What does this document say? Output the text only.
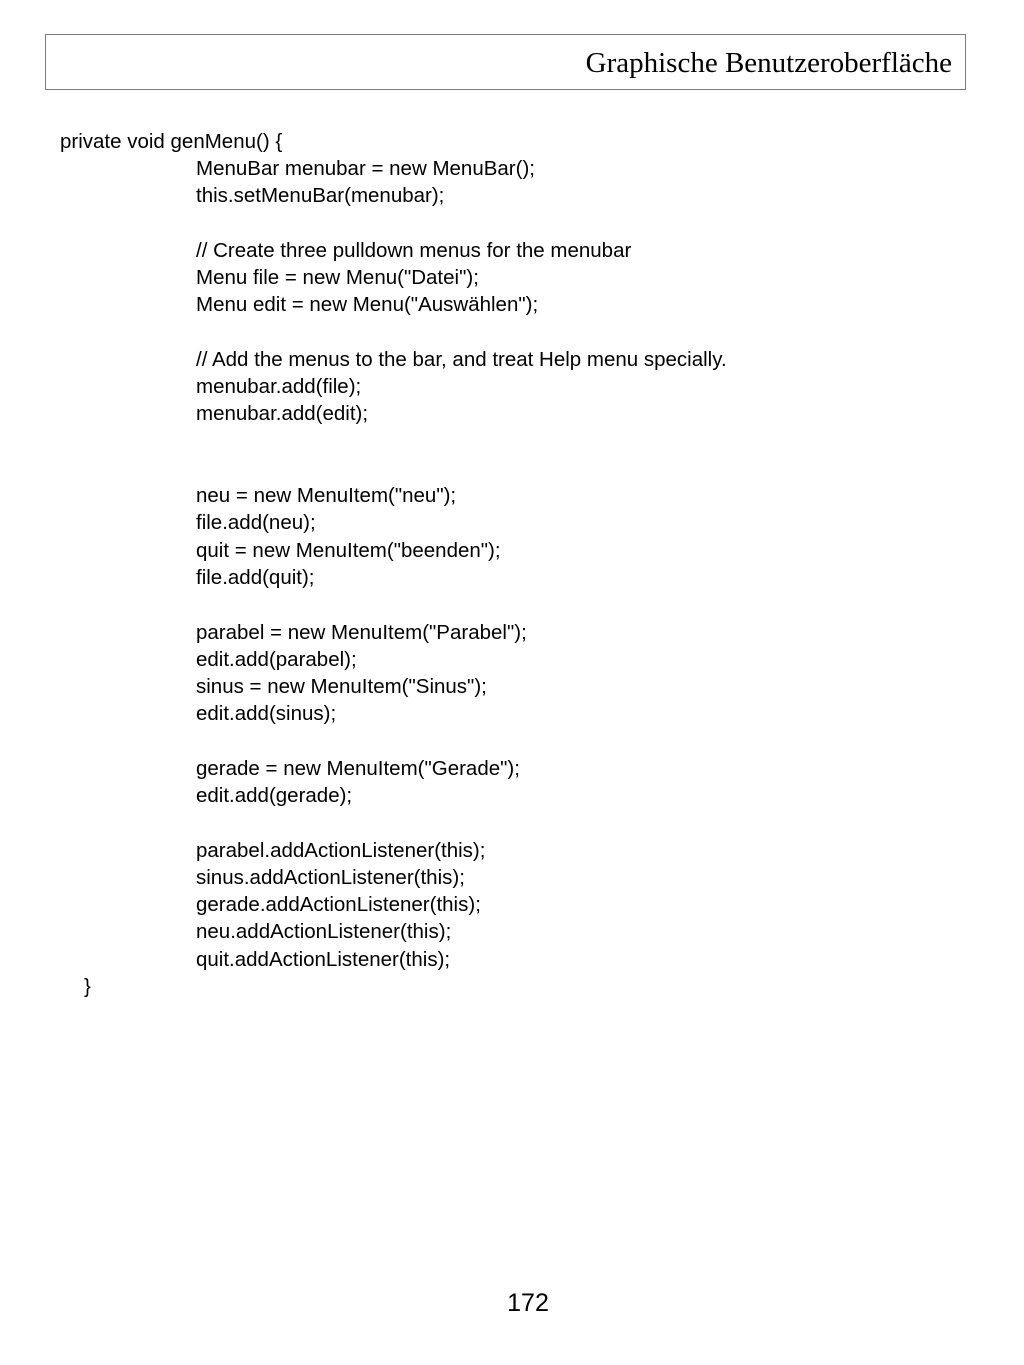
Graphische Benutzeroberfläche
private void genMenu() {
MenuBar menubar = new MenuBar();
this.setMenuBar(menubar);
// Create three pulldown menus for the menubar
Menu file = new Menu("Datei");
Menu edit = new Menu("Auswählen");
// Add the menus to the bar, and treat Help menu specially.
menubar.add(file);
menubar.add(edit);
neu = new MenuItem("neu");
file.add(neu);
quit = new MenuItem("beenden");
file.add(quit);
parabel = new MenuItem("Parabel");
edit.add(parabel);
sinus = new MenuItem("Sinus");
edit.add(sinus);
gerade = new MenuItem("Gerade");
edit.add(gerade);
parabel.addActionListener(this);
sinus.addActionListener(this);
gerade.addActionListener(this);
neu.addActionListener(this);
quit.addActionListener(this);
}
172
